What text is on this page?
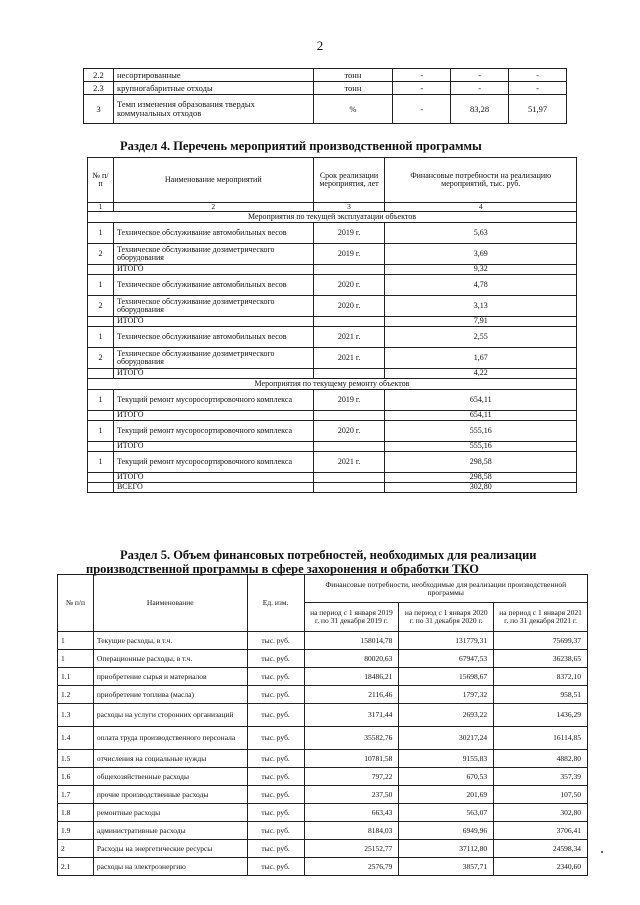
2
2.2	несортированные	тонн	-	-	-
2.3	крупногабаритные отходы	тонн	-	-	-
3	Темп изменения образования твердых коммунальных отходов	%	-	83,28	51,97
Раздел 4. Перечень мероприятий производственной программы
№ п/п	Наименование мероприятий	Срок реализации мероприятия, лет	Финансовые потребности на реализацию мероприятий, тыс. руб.
1	2	3	4
Мероприятия по текущей эксплуатации объектов			
1	Техническое обслуживание автомобильных весов	2019 г.	5,63
2	Техническое обслуживание дозиметрического оборудования	2019 г.	3,69
	ИТОГО		9,32
1	Техническое обслуживание автомобильных весов	2020 г.	4,78
2	Техническое обслуживание дозиметрического оборудования	2020 г.	3,13
	ИТОГО		7,91
1	Техническое обслуживание автомобильных весов	2021 г.	2,55
2	Техническое обслуживание дозиметрического оборудования	2021 г.	1,67
	ИТОГО		4,22
Мероприятия по текущему ремонту объектов			
1	Текущий ремонт мусоросортировочного комплекса	2019 г.	654,11
	ИТОГО		654,11
1	Текущий ремонт мусоросортировочного комплекса	2020 г.	555,16
	ИТОГО		555,16
1	Текущий ремонт мусоросортировочного комплекса	2021 г.	298,58
	ИТОГО		298,58
	ВСЕГО		302,80
Раздел 5. Объем финансовых потребностей, необходимых для реализации
производственной программы в сфере захоронения и обработки ТКО
№ п/п	Наименование	Ед. изм.	Финансовые потребности, необходимые для реализации производственной программы		
			на период с 1 января 2019 г. по 31 декабря 2019 г.	на период с 1 января 2020 г. по 31 декабря 2020 г.	на период с 1 января 2021 г. по 31 декабря 2021 г.
1	Текущие расходы, в т.ч.	тыс. руб.	158014,78	131779,31	75699,37
1	Операционные расходы, в т.ч.	тыс. руб.	80020,63	67947,53	36238,65
1.1	приобретение сырья и материалов	тыс. руб.	18486,21	15698,67	8372,10
1.2	приобретение топлива (масла)	тыс. руб.	2116,46	1797,32	958,51
1.3	расходы на услуги сторонних организаций	тыс. руб.	3171,44	2693,22	1436,29
1.4	оплата труда производственного персонала	тыс. руб.	35582,76	30217,24	16114,85
1.5	отчисления на социальные нужды	тыс. руб.	10781,58	9155,83	4882,80
1.6	общехозяйственные расходы	тыс. руб.	797,22	670,53	357,39
1.7	прочие производственные расходы	тыс. руб.	237,50	201,69	107,50
1.8	ремонтные расходы	тыс. руб.	663,43	563,07	302,80
1.9	административные расходы	тыс. руб.	8184,03	6949,96	3706,41
2	Расходы на энергетические ресурсы	тыс. руб.	25152,77	37112,80	24598,34
2.1	расходы на электроэнергию	тыс. руб.	2576,79	3857,71	2340,60
